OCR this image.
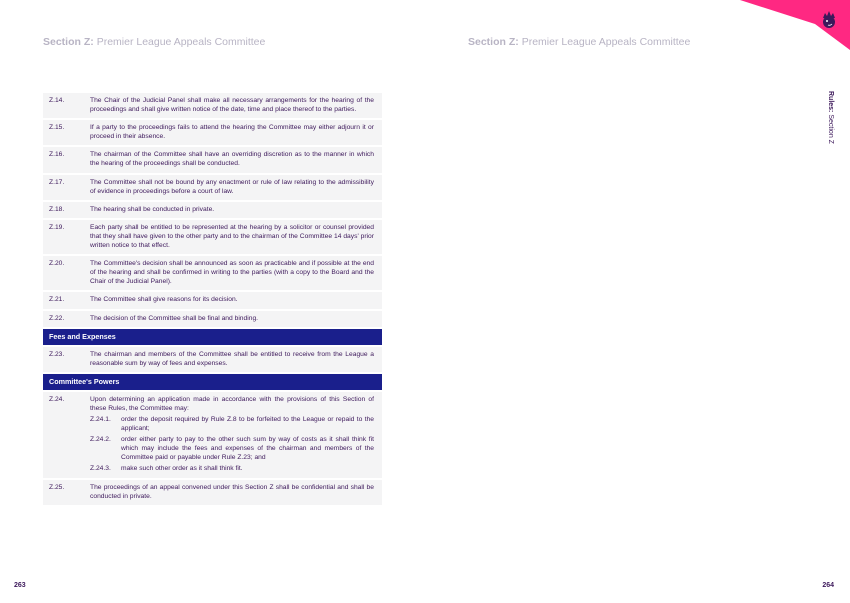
Section Z: Premier League Appeals Committee
Z.14.	The Chair of the Judicial Panel shall make all necessary arrangements for the hearing of the proceedings and shall give written notice of the date, time and place thereof to the parties.
Z.15.	If a party to the proceedings fails to attend the hearing the Committee may either adjourn it or proceed in their absence.
Z.16.	The chairman of the Committee shall have an overriding discretion as to the manner in which the hearing of the proceedings shall be conducted.
Z.17.	The Committee shall not be bound by any enactment or rule of law relating to the admissibility of evidence in proceedings before a court of law.
Z.18.	The hearing shall be conducted in private.
Z.19.	Each party shall be entitled to be represented at the hearing by a solicitor or counsel provided that they shall have given to the other party and to the chairman of the Committee 14 days' prior written notice to that effect.
Z.20.	The Committee's decision shall be announced as soon as practicable and if possible at the end of the hearing and shall be confirmed in writing to the parties (with a copy to the Board and the Chair of the Judicial Panel).
Z.21.	The Committee shall give reasons for its decision.
Z.22.	The decision of the Committee shall be final and binding.
Fees and Expenses
Z.23.	The chairman and members of the Committee shall be entitled to receive from the League a reasonable sum by way of fees and expenses.
Committee's Powers
Z.24.	Upon determining an application made in accordance with the provisions of this Section of these Rules, the Committee may:
Z.24.1.	order the deposit required by Rule Z.8 to be forfeited to the League or repaid to the applicant;
Z.24.2.	order either party to pay to the other such sum by way of costs as it shall think fit which may include the fees and expenses of the chairman and members of the Committee paid or payable under Rule Z.23; and
Z.24.3.	make such other order as it shall think fit.
Z.25.	The proceedings of an appeal convened under this Section Z shall be confidential and shall be conducted in private.
263
Section Z: Premier League Appeals Committee
Rules: Section Z
264
